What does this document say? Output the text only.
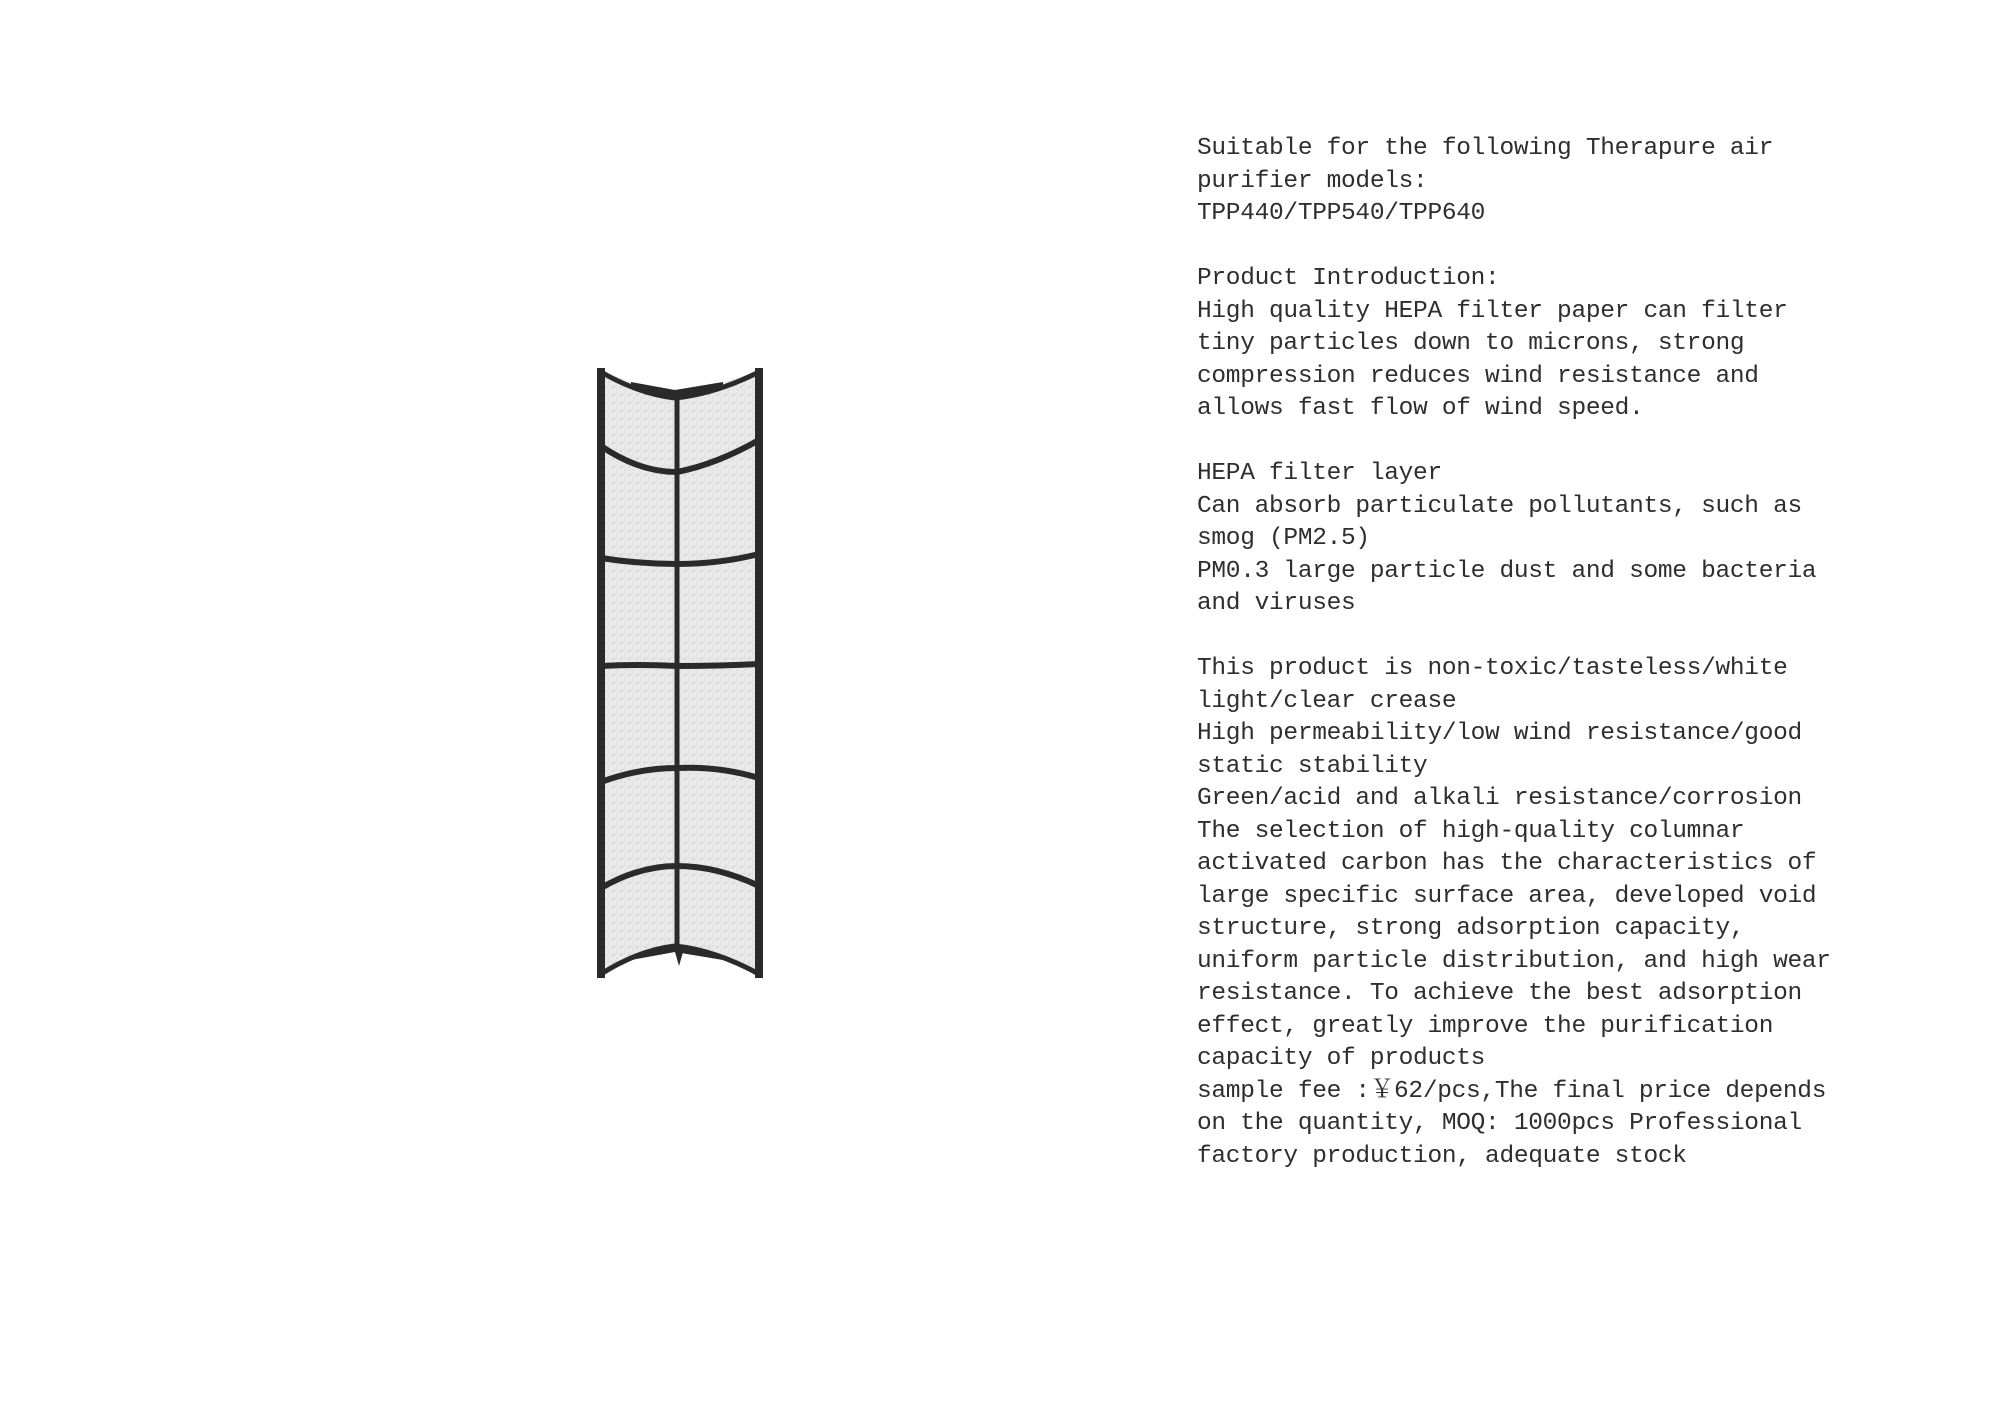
Suitable for the following Therapure air
purifier models:
TPP440/TPP540/TPP640
Product Introduction:
High quality HEPA filter paper can filter
tiny particles down to microns, strong
compression reduces wind resistance and
allows fast flow of wind speed.
HEPA filter layer
Can absorb particulate pollutants, such as
smog (PM2.5)
PM0.3 large particle dust and some bacteria
and viruses
This product is non-toxic/tasteless/white
light/clear crease
High permeability/low wind resistance/good
static stability
Green/acid and alkali resistance/corrosion
The selection of high-quality columnar
activated carbon has the characteristics of
large specific surface area, developed void
structure, strong adsorption capacity,
uniform particle distribution, and high wear
resistance. To achieve the best adsorption
effect, greatly improve the purification
capacity of products
sample fee :￥62/pcs,The final price depends
on the quantity, MOQ: 1000pcs Professional
factory production, adequate stock
